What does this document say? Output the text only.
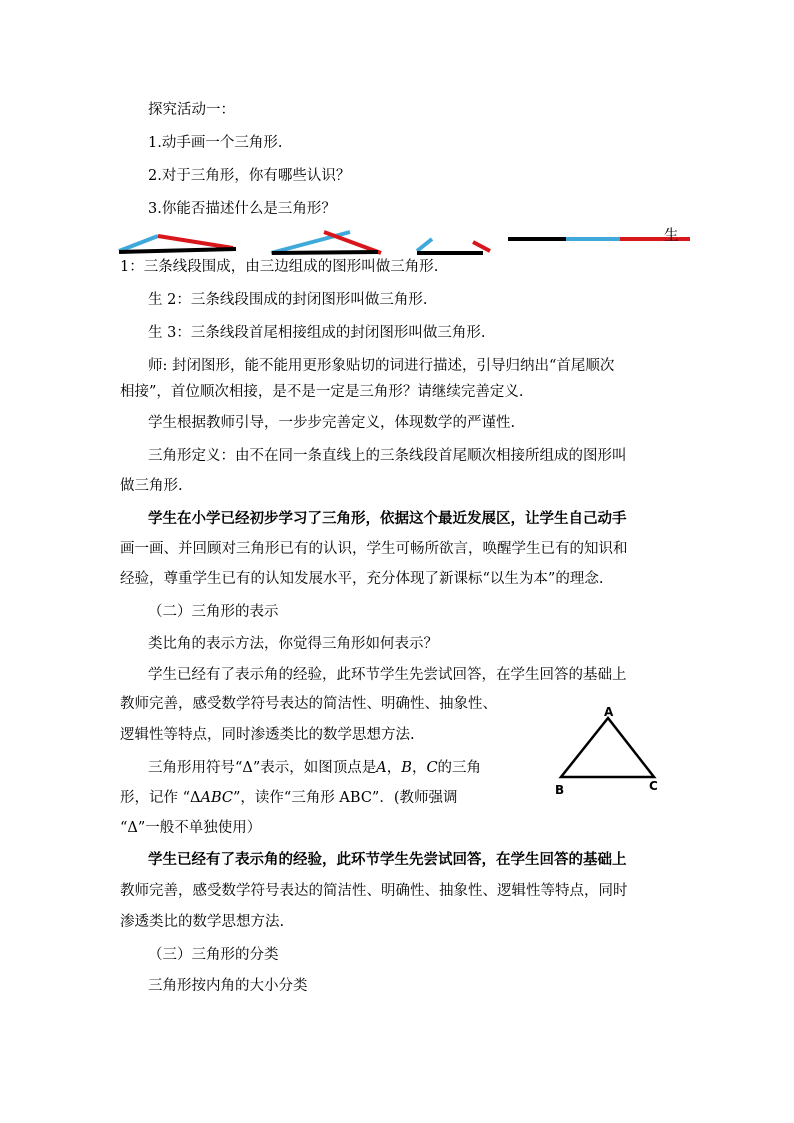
探究活动一：
1.动手画一个三角形.
2.对于三角形，你有哪些认识？
3.你能否描述什么是三角形？
生
1：三条线段围成，由三边组成的图形叫做三角形.
生 2：三条线段围成的封闭图形叫做三角形.
生 3：三条线段首尾相接组成的封闭图形叫做三角形.
师: 封闭图形，能不能用更形象贴切的词进行描述，引导归纳出“首尾顺次
相接”，首位顺次相接，是不是一定是三角形？请继续完善定义.
学生根据教师引导，一步步完善定义，体现数学的严谨性.
三角形定义：由不在同一条直线上的三条线段首尾顺次相接所组成的图形叫
做三角形.
学生在小学已经初步学习了三角形，依据这个最近发展区，让学生自己动手
画一画、并回顾对三角形已有的认识，学生可畅所欲言，唤醒学生已有的知识和
经验，尊重学生已有的认知发展水平，充分体现了新课标“以生为本”的理念.
（二）三角形的表示
类比角的表示方法，你觉得三角形如何表示？
学生已经有了表示角的经验，此环节学生先尝试回答，在学生回答的基础上
教师完善，感受数学符号表达的简洁性、明确性、抽象性、
逻辑性等特点，同时渗透类比的数学思想方法.
三角形用符号“Δ”表示，如图顶点是A，B，C的三角
形，记作 “ΔABC”，读作“三角形 ABC”．(教师强调
“Δ”一般不单独使用）
A
B	C
学生已经有了表示角的经验，此环节学生先尝试回答，在学生回答的基础上
教师完善，感受数学符号表达的简洁性、明确性、抽象性、逻辑性等特点，同时
渗透类比的数学思想方法.
（三）三角形的分类
三角形按内角的大小分类
